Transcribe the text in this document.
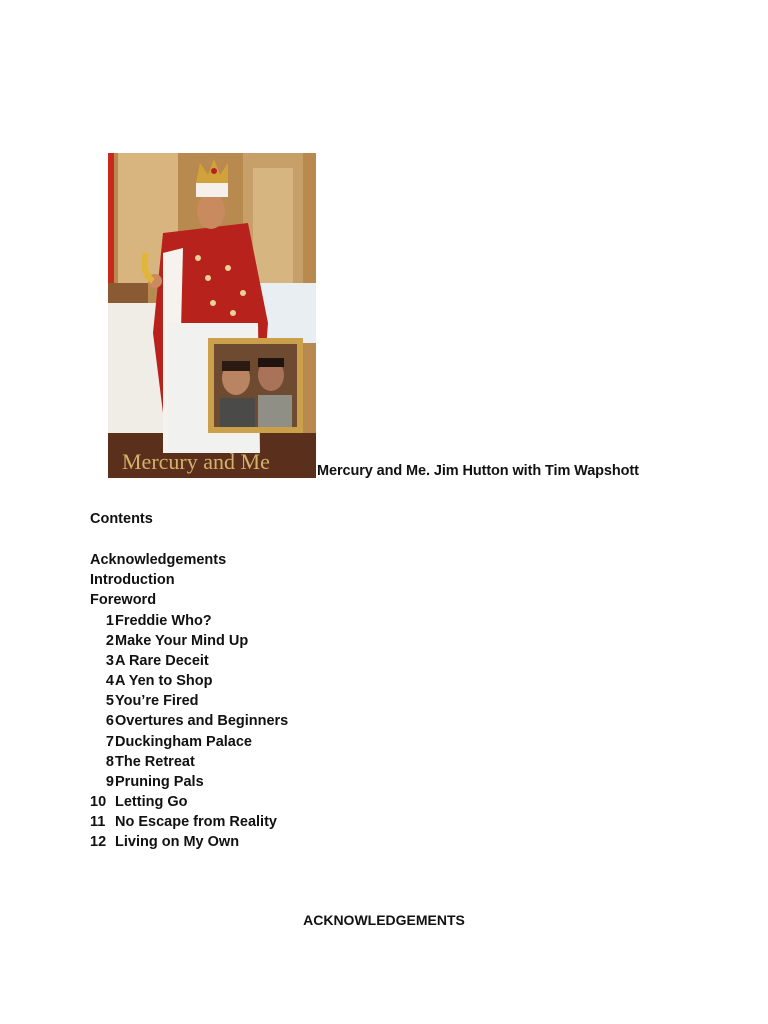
Mercury and Me	Mercury and Me. Jim Hutton with Tim Wapshott
Contents
Acknowledgements
Introduction
Foreword
1 Freddie Who?
2 Make Your Mind Up
3 A Rare Deceit
4 A Yen to Shop
5 You’re Fired
6 Overtures and Beginners
7 Duckingham Palace
8 The Retreat
9 Pruning Pals
10 Letting Go
11 No Escape from Reality
12 Living on My Own
ACKNOWLEDGEMENTS
